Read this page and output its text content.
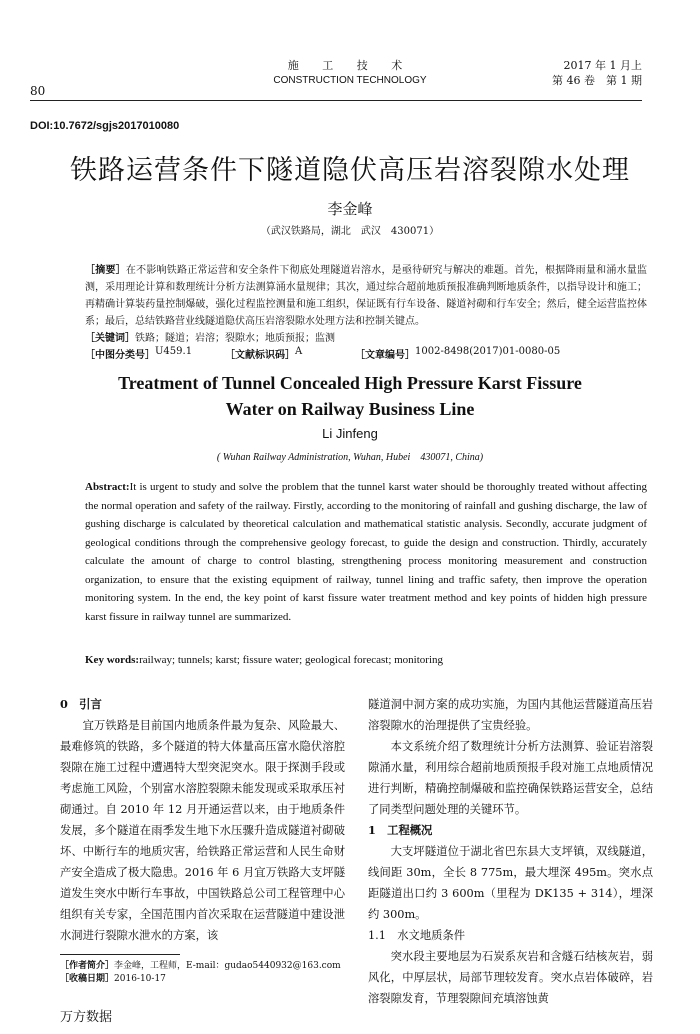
80
施 工 技 术
CONSTRUCTION TECHNOLOGY
2017 年 1 月上
第 46 卷　第 1 期
DOI:10.7672/sgjs2017010080
铁路运营条件下隧道隐伏高压岩溶裂隙水处理
李金峰
（武汉铁路局，湖北　武汉　430071）

［摘要］在不影响铁路正常运营和安全条件下彻底处理隧道岩溶水，是亟待研究与解决的难题。首先，根据降雨量和涌水量监测，采用理论计算和数理统计分析方法测算涌水量规律；其次，通过综合超前地质预报准确判断地质条件，以指导设计和施工；再精确计算装药量控制爆破，强化过程监控测量和施工组织，保证既有行车设备、隧道衬砌和行车安全；然后，健全运营监控体系；最后，总结铁路营业线隧道隐伏高压岩溶裂隙水处理方法和控制关键点。

［关键词］铁路；隧道；岩溶；裂隙水；地质预报；监测

［中图分类号］ U459.1	［文献标识码］ A	［文章编号］ 1002-8498(2017)01-0080-05
Treatment of Tunnel Concealed High Pressure Karst Fissure Water on Railway Business Line
Li Jinfeng
( Wuhan Railway Administration, Wuhan, Hubei　430071, China)
Abstract:It is urgent to study and solve the problem that the tunnel karst water should be thoroughly treated without affecting the normal operation and safety of the railway. Firstly, according to the monitoring of rainfall and gushing discharge, the law of gushing discharge is calculated by theoretical calculation and mathematical statistic analysis. Secondly, accurate judgment of geological conditions through the comprehensive geology forecast, to guide the design and construction. Thirdly, accurately calculate the amount of charge to control blasting, strengthening process monitoring measurement and construction organization, to ensure that the existing equipment of railway, tunnel lining and traffic safety, then improve the operation monitoring system. In the end, the key point of karst fissure water treatment method and key points of hidden high pressure karst fissure in railway tunnel are summarized.
Key words:railway; tunnels; karst; fissure water; geological forecast; monitoring

0　引言

宜万铁路是目前国内地质条件最为复杂、风险最大、最难修筑的铁路，多个隧道的特大体量高压富水隐伏溶腔裂隙在施工过程中遭遇特大型突泥突水。限于探测手段或考虑施工风险，个别富水溶腔裂隙未能发现或采取承压衬砌通过。自 2010 年 12 月开通运营以来，由于地质条件发展，多个隧道在雨季发生地下水压骤升造成隧道衬砌破坏、中断行车的地质灾害，给铁路正常运营和人民生命财产安全造成了极大隐患。2016 年 6 月宜万铁路大支坪隧道发生突水中断行车事故，中国铁路总公司工程管理中心组织有关专家，全国范围内首次采取在运营隧道中建设泄水洞进行裂隙水泄水的方案，该

隧道洞中洞方案的成功实施，为国内其他运营隧道高压岩溶裂隙水的治理提供了宝贵经验。

本文系统介绍了数理统计分析方法测算、验证岩溶裂隙涌水量，利用综合超前地质预报手段对施工点地质情况进行判断，精确控制爆破和监控确保铁路运营安全，总结了同类型问题处理的关键环节。

1　工程概况

大支坪隧道位于湖北省巴东县大支坪镇，双线隧道，线间距 30m，全长 8 775m，最大埋深 495m。突水点距隧道出口约 3 600m（里程为 DK135 + 314），埋深约 300m。

1.1　水文地质条件

突水段主要地层为石炭系灰岩和含燧石结核灰岩，弱风化，中厚层状，局部节理较发育。突水点岩体破碎，岩溶裂隙发育，节理裂隙间充填溶蚀黄

［作者简介］李金峰，工程师，E-mail：gudao5440932@163.com
［收稿日期］2016-10-17
万方数据
